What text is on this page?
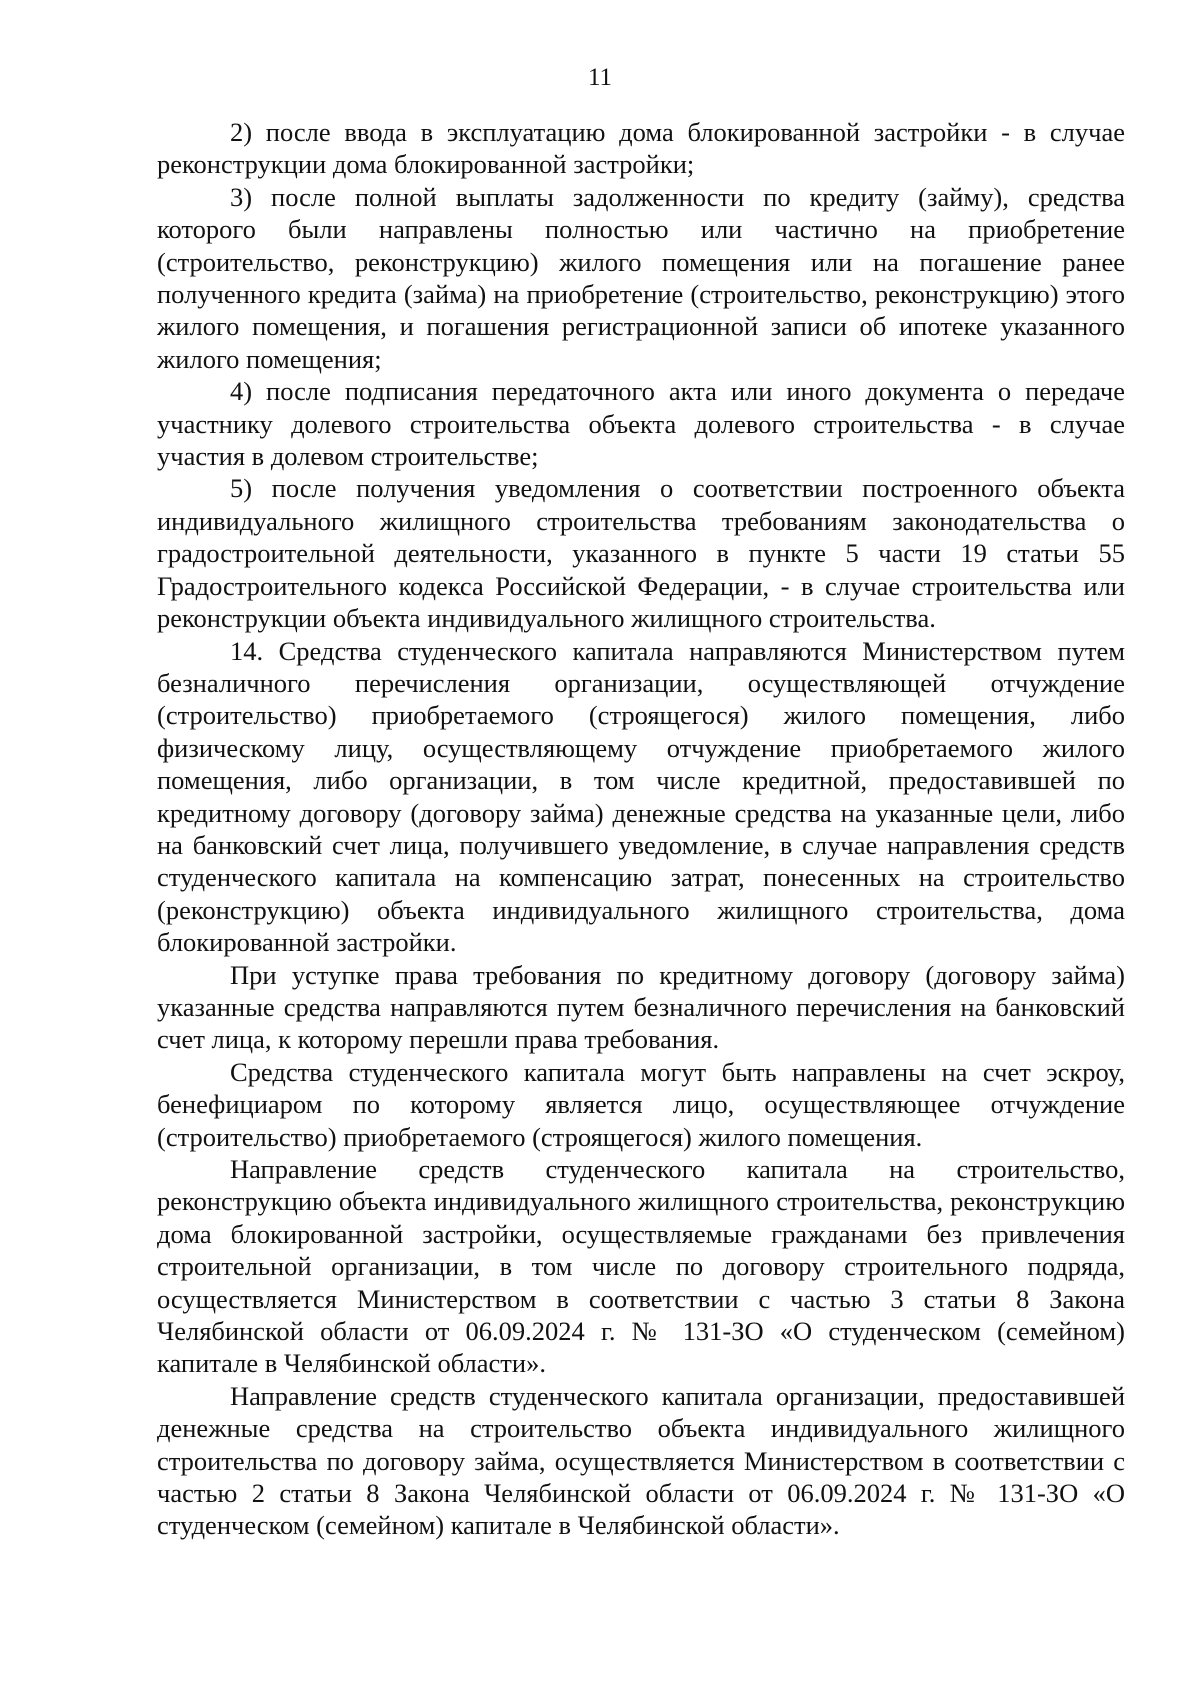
11

2) после ввода в эксплуатацию дома блокированной застройки - в случае реконструкции дома блокированной застройки;

3) после полной выплаты задолженности по кредиту (займу), средства которого были направлены полностью или частично на приобретение (строительство, реконструкцию) жилого помещения или на погашение ранее полученного кредита (займа) на приобретение (строительство, реконструкцию) этого жилого помещения, и погашения регистрационной записи об ипотеке указанного жилого помещения;

4) после подписания передаточного акта или иного документа о передаче участнику долевого строительства объекта долевого строительства - в случае участия в долевом строительстве;

5) после получения уведомления о соответствии построенного объекта индивидуального жилищного строительства требованиям законодательства о градостроительной деятельности, указанного в пункте 5 части 19 статьи 55 Градостроительного кодекса Российской Федерации, - в случае строительства или реконструкции объекта индивидуального жилищного строительства.

14. Средства студенческого капитала направляются Министерством путем безналичного перечисления организации, осуществляющей отчуждение (строительство) приобретаемого (строящегося) жилого помещения, либо физическому лицу, осуществляющему отчуждение приобретаемого жилого помещения, либо организации, в том числе кредитной, предоставившей по кредитному договору (договору займа) денежные средства на указанные цели, либо на банковский счет лица, получившего уведомление, в случае направления средств студенческого капитала на компенсацию затрат, понесенных на строительство (реконструкцию) объекта индивидуального жилищного строительства, дома блокированной застройки.

При уступке права требования по кредитному договору (договору займа) указанные средства направляются путем безналичного перечисления на банковский счет лица, к которому перешли права требования.

Средства студенческого капитала могут быть направлены на счет эскроу, бенефициаром по которому является лицо, осуществляющее отчуждение (строительство) приобретаемого (строящегося) жилого помещения.

Направление средств студенческого капитала на строительство, реконструкцию объекта индивидуального жилищного строительства, реконструкцию дома блокированной застройки, осуществляемые гражданами без привлечения строительной организации, в том числе по договору строительного подряда, осуществляется Министерством в соответствии с частью 3 статьи 8 Закона Челябинской области от 06.09.2024 г. № 131-ЗО «О студенческом (семейном) капитале в Челябинской области».

Направление средств студенческого капитала организации, предоставившей денежные средства на строительство объекта индивидуального жилищного строительства по договору займа, осуществляется Министерством в соответствии с частью 2 статьи 8 Закона Челябинской области от 06.09.2024 г. № 131-ЗО «О студенческом (семейном) капитале в Челябинской области».
